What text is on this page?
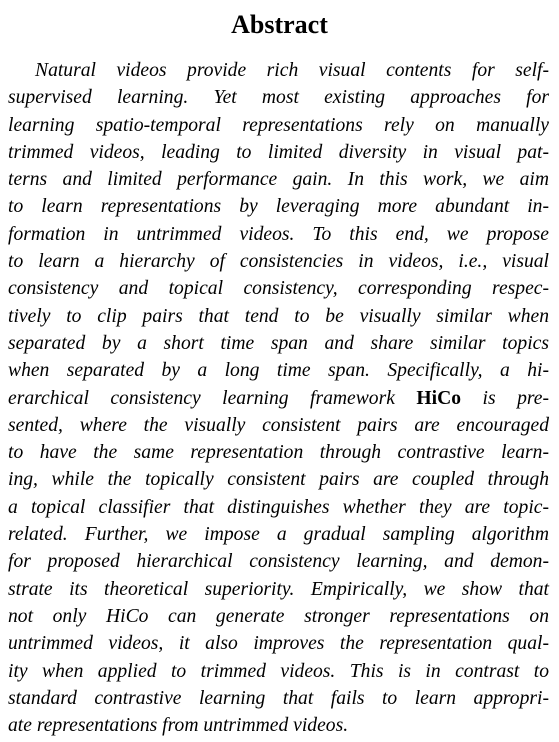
Abstract
Natural videos provide rich visual contents for self-
supervised learning. Yet most existing approaches for
learning spatio-temporal representations rely on manually
trimmed videos, leading to limited diversity in visual pat-
terns and limited performance gain. In this work, we aim
to learn representations by leveraging more abundant in-
formation in untrimmed videos. To this end, we propose
to learn a hierarchy of consistencies in videos, i.e., visual
consistency and topical consistency, corresponding respec-
tively to clip pairs that tend to be visually similar when
separated by a short time span and share similar topics
when separated by a long time span. Specifically, a hi-
erarchical consistency learning framework HiCo is pre-
sented, where the visually consistent pairs are encouraged
to have the same representation through contrastive learn-
ing, while the topically consistent pairs are coupled through
a topical classifier that distinguishes whether they are topic-
related. Further, we impose a gradual sampling algorithm
for proposed hierarchical consistency learning, and demon-
strate its theoretical superiority. Empirically, we show that
not only HiCo can generate stronger representations on
untrimmed videos, it also improves the representation qual-
ity when applied to trimmed videos. This is in contrast to
standard contrastive learning that fails to learn appropri-
ate representations from untrimmed videos.
